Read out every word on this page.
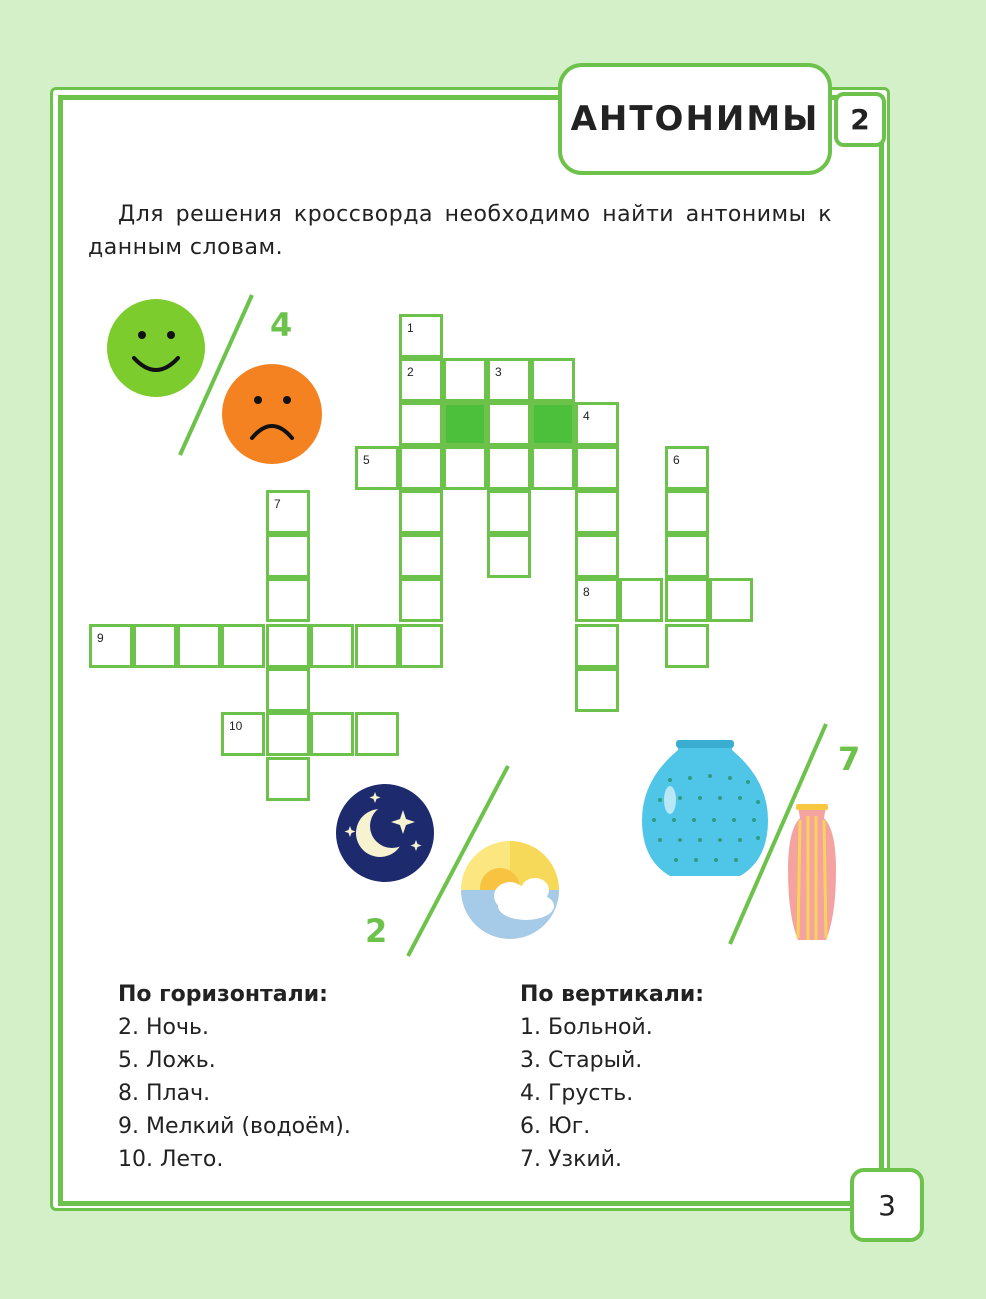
АНТОНИМЫ	2
Для решения кроссворда необходимо найти антонимы к данным словам.
1
2	3
4
5	6
7
8
9
10
4
2
7
По горизонтали:
2. Ночь.
5. Ложь.
8. Плач.
9. Мелкий (водоём).
10. Лето.
По вертикали:
1. Больной.
3. Старый.
4. Грусть.
6. Юг.
7. Узкий.
3
